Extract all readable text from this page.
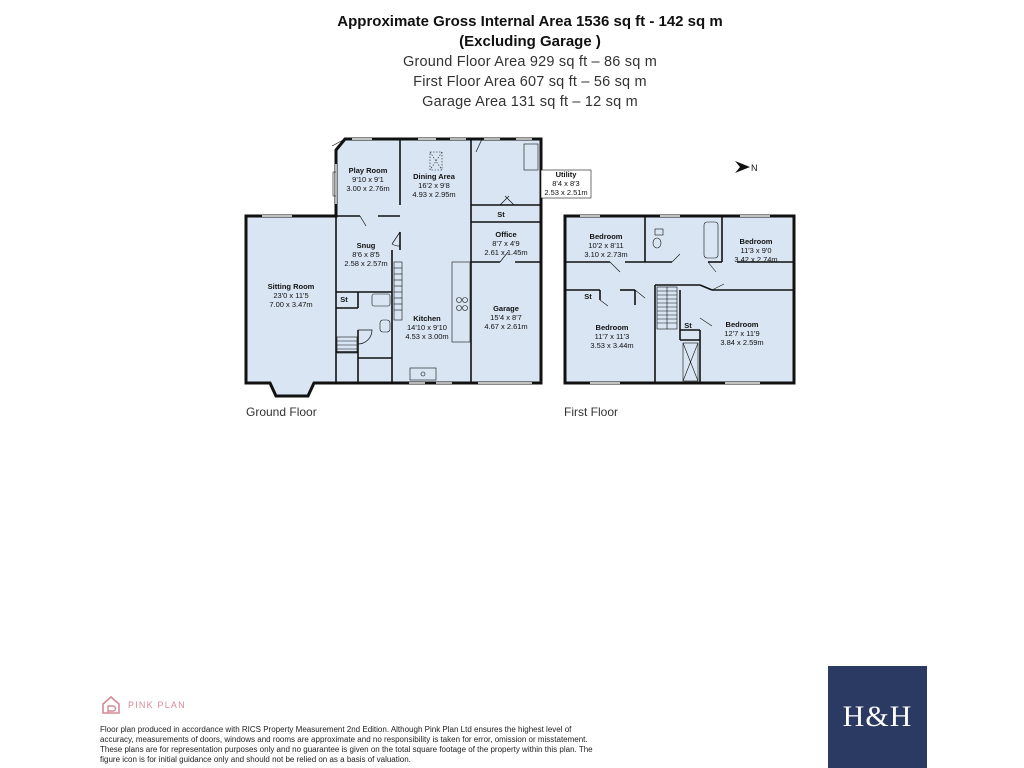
Approximate Gross Internal Area 1536 sq ft - 142 sq m
(Excluding Garage )
Ground Floor Area 929 sq ft – 86 sq m
First Floor Area 607 sq ft – 56 sq m
Garage Area 131 sq ft – 12 sq m
Play Room
9'10 x 9'1
3.00 x 2.76m
Dining Area
16'2 x 9'8
4.93 x 2.95m
Utility
8'4 x 8'3
2.53 x 2.51m
St
Office
8'7 x 4'9
2.61 x 1.45m
Snug
8'6 x 8'5
2.58 x 2.57m
Sitting Room
23'0 x 11'5
7.00 x 3.47m
St
Kitchen
14'10 x 9'10
4.53 x 3.00m
Garage
15'4 x 8'7
4.67 x 2.61m
N
Bedroom
10'2 x 8'11
3.10 x 2.73m
Bedroom
11'3 x 9'0
3.42 x 2.74m
St
Bedroom
11'7 x 11'3
3.53 x 3.44m
St	Bedroom
12'7 x 11'9
3.84 x 2.59m
Ground Floor	First Floor
PINK PLAN
Floor plan produced in accordance with RICS Property Measurement 2nd Edition. Although Pink Plan Ltd ensures the highest level of accuracy, measurements of doors, windows and rooms are approximate and no responsibility is taken for error, omission or misstatement. These plans are for representation purposes only and no guarantee is given on the total square footage of the property within this plan. The figure icon is for initial guidance only and should not be relied on as a basis of valuation.
H&H
